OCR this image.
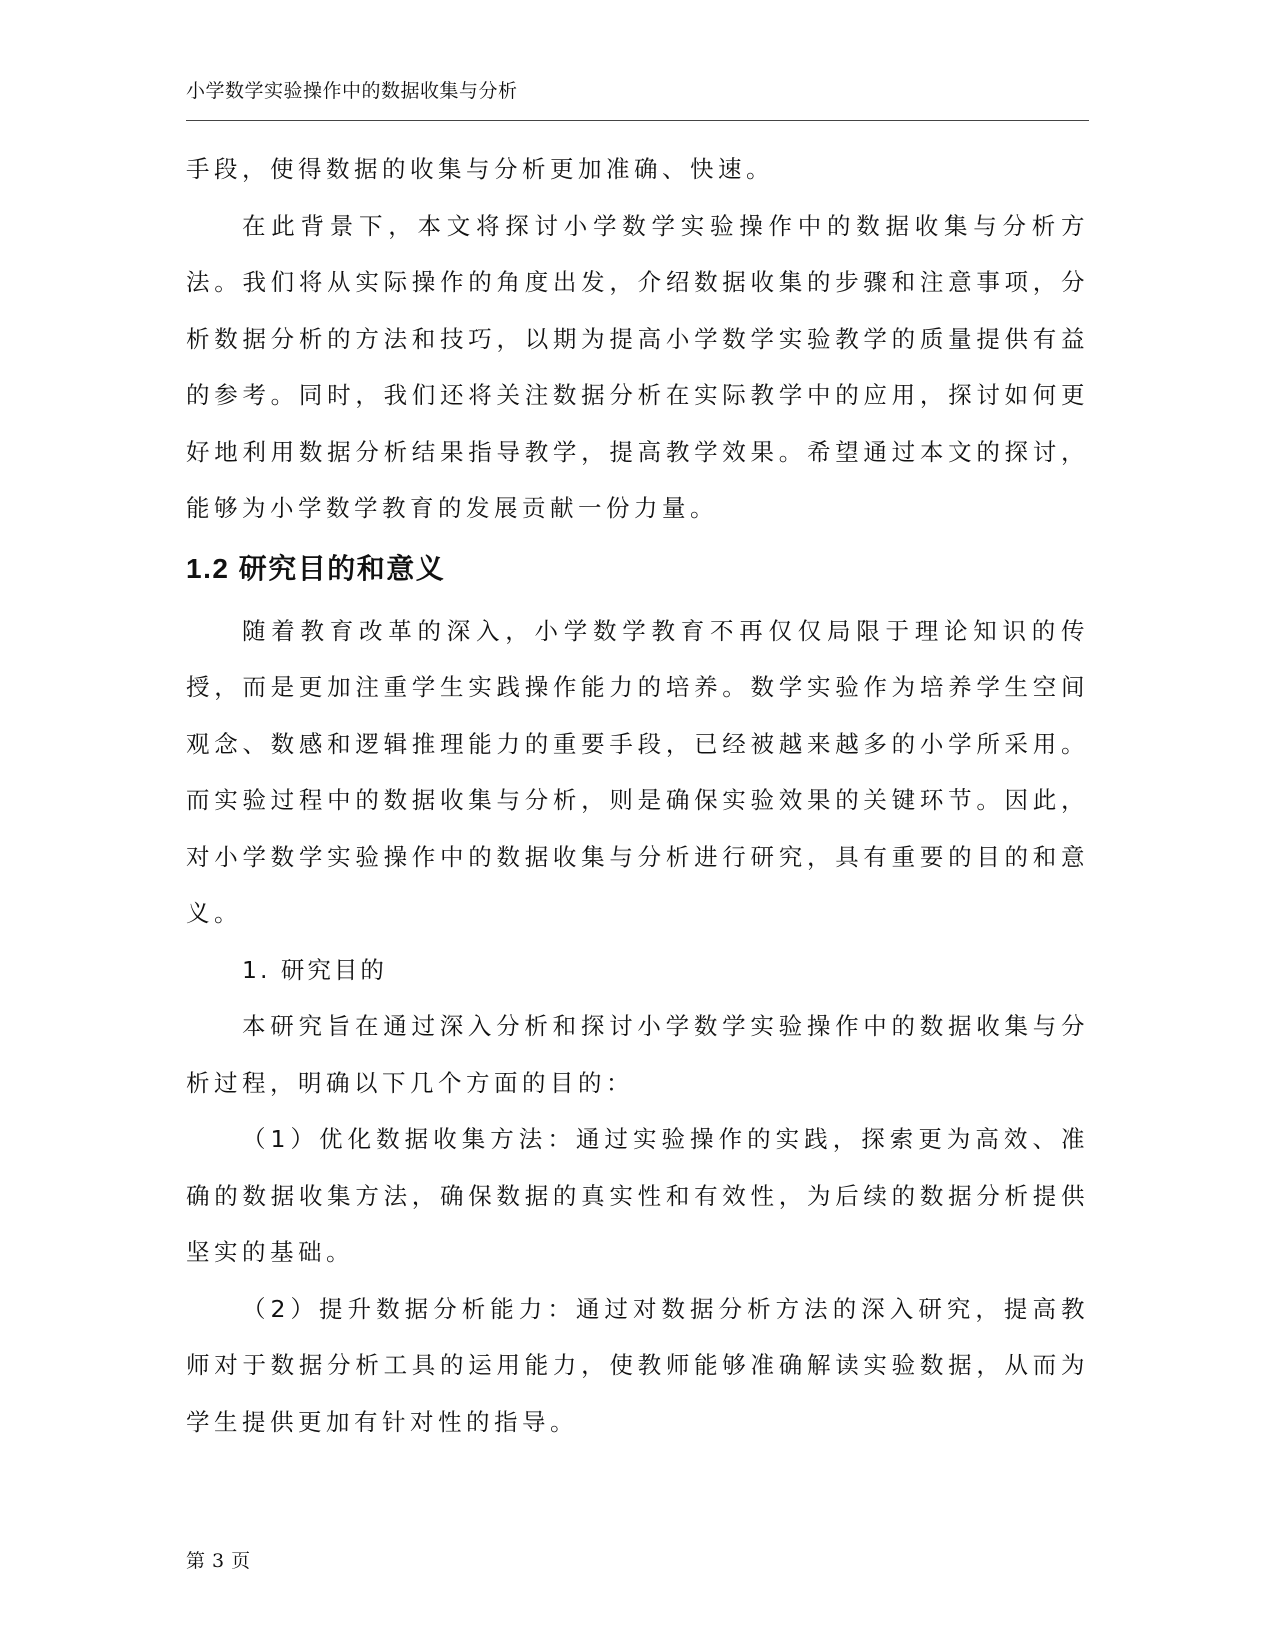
小学数学实验操作中的数据收集与分析

手段，使得数据的收集与分析更加准确、快速。

在此背景下，本文将探讨小学数学实验操作中的数据收集与分析方法。我们将从实际操作的角度出发，介绍数据收集的步骤和注意事项，分析数据分析的方法和技巧，以期为提高小学数学实验教学的质量提供有益的参考。同时，我们还将关注数据分析在实际教学中的应用，探讨如何更好地利用数据分析结果指导教学，提高教学效果。希望通过本文的探讨，能够为小学数学教育的发展贡献一份力量。

1.2 研究目的和意义

随着教育改革的深入，小学数学教育不再仅仅局限于理论知识的传授，而是更加注重学生实践操作能力的培养。数学实验作为培养学生空间观念、数感和逻辑推理能力的重要手段，已经被越来越多的小学所采用。而实验过程中的数据收集与分析，则是确保实验效果的关键环节。因此，对小学数学实验操作中的数据收集与分析进行研究，具有重要的目的和意义。

1. 研究目的

本研究旨在通过深入分析和探讨小学数学实验操作中的数据收集与分析过程，明确以下几个方面的目的：

（1）优化数据收集方法：通过实验操作的实践，探索更为高效、准确的数据收集方法，确保数据的真实性和有效性，为后续的数据分析提供坚实的基础。

（2）提升数据分析能力：通过对数据分析方法的深入研究，提高教师对于数据分析工具的运用能力，使教师能够准确解读实验数据，从而为学生提供更加有针对性的指导。

第 3 页
